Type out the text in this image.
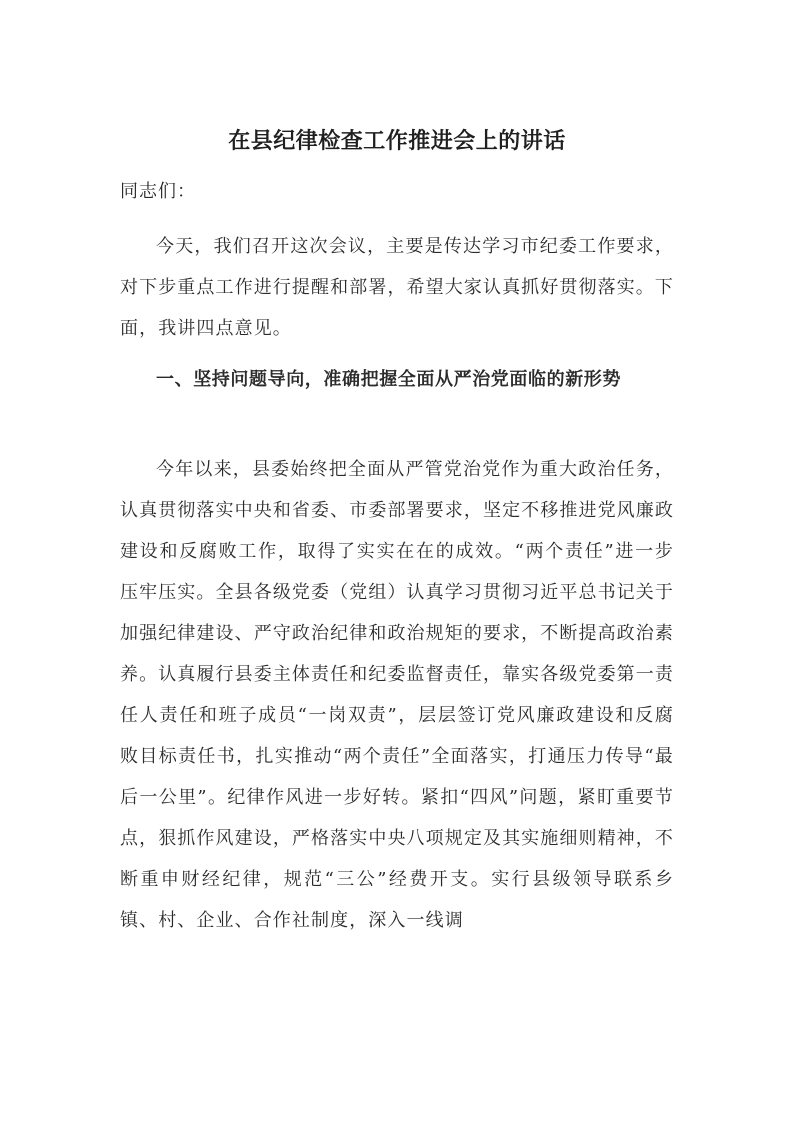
在县纪律检查工作推进会上的讲话
同志们：

今天，我们召开这次会议，主要是传达学习市纪委工作要求，对下步重点工作进行提醒和部署，希望大家认真抓好贯彻落实。下面，我讲四点意见。

一、坚持问题导向，准确把握全面从严治党面临的新形势

今年以来，县委始终把全面从严管党治党作为重大政治任务，认真贯彻落实中央和省委、市委部署要求，坚定不移推进党风廉政建设和反腐败工作，取得了实实在在的成效。“两个责任”进一步压牢压实。全县各级党委（党组）认真学习贯彻习近平总书记关于加强纪律建设、严守政治纪律和政治规矩的要求，不断提高政治素养。认真履行县委主体责任和纪委监督责任，靠实各级党委第一责任人责任和班子成员“一岗双责”，层层签订党风廉政建设和反腐败目标责任书，扎实推动“两个责任”全面落实，打通压力传导“最后一公里”。纪律作风进一步好转。紧扣“四风”问题，紧盯重要节点，狠抓作风建设，严格落实中央八项规定及其实施细则精神，不断重申财经纪律，规范“三公”经费开支。实行县级领导联系乡镇、村、企业、合作社制度，深入一线调
